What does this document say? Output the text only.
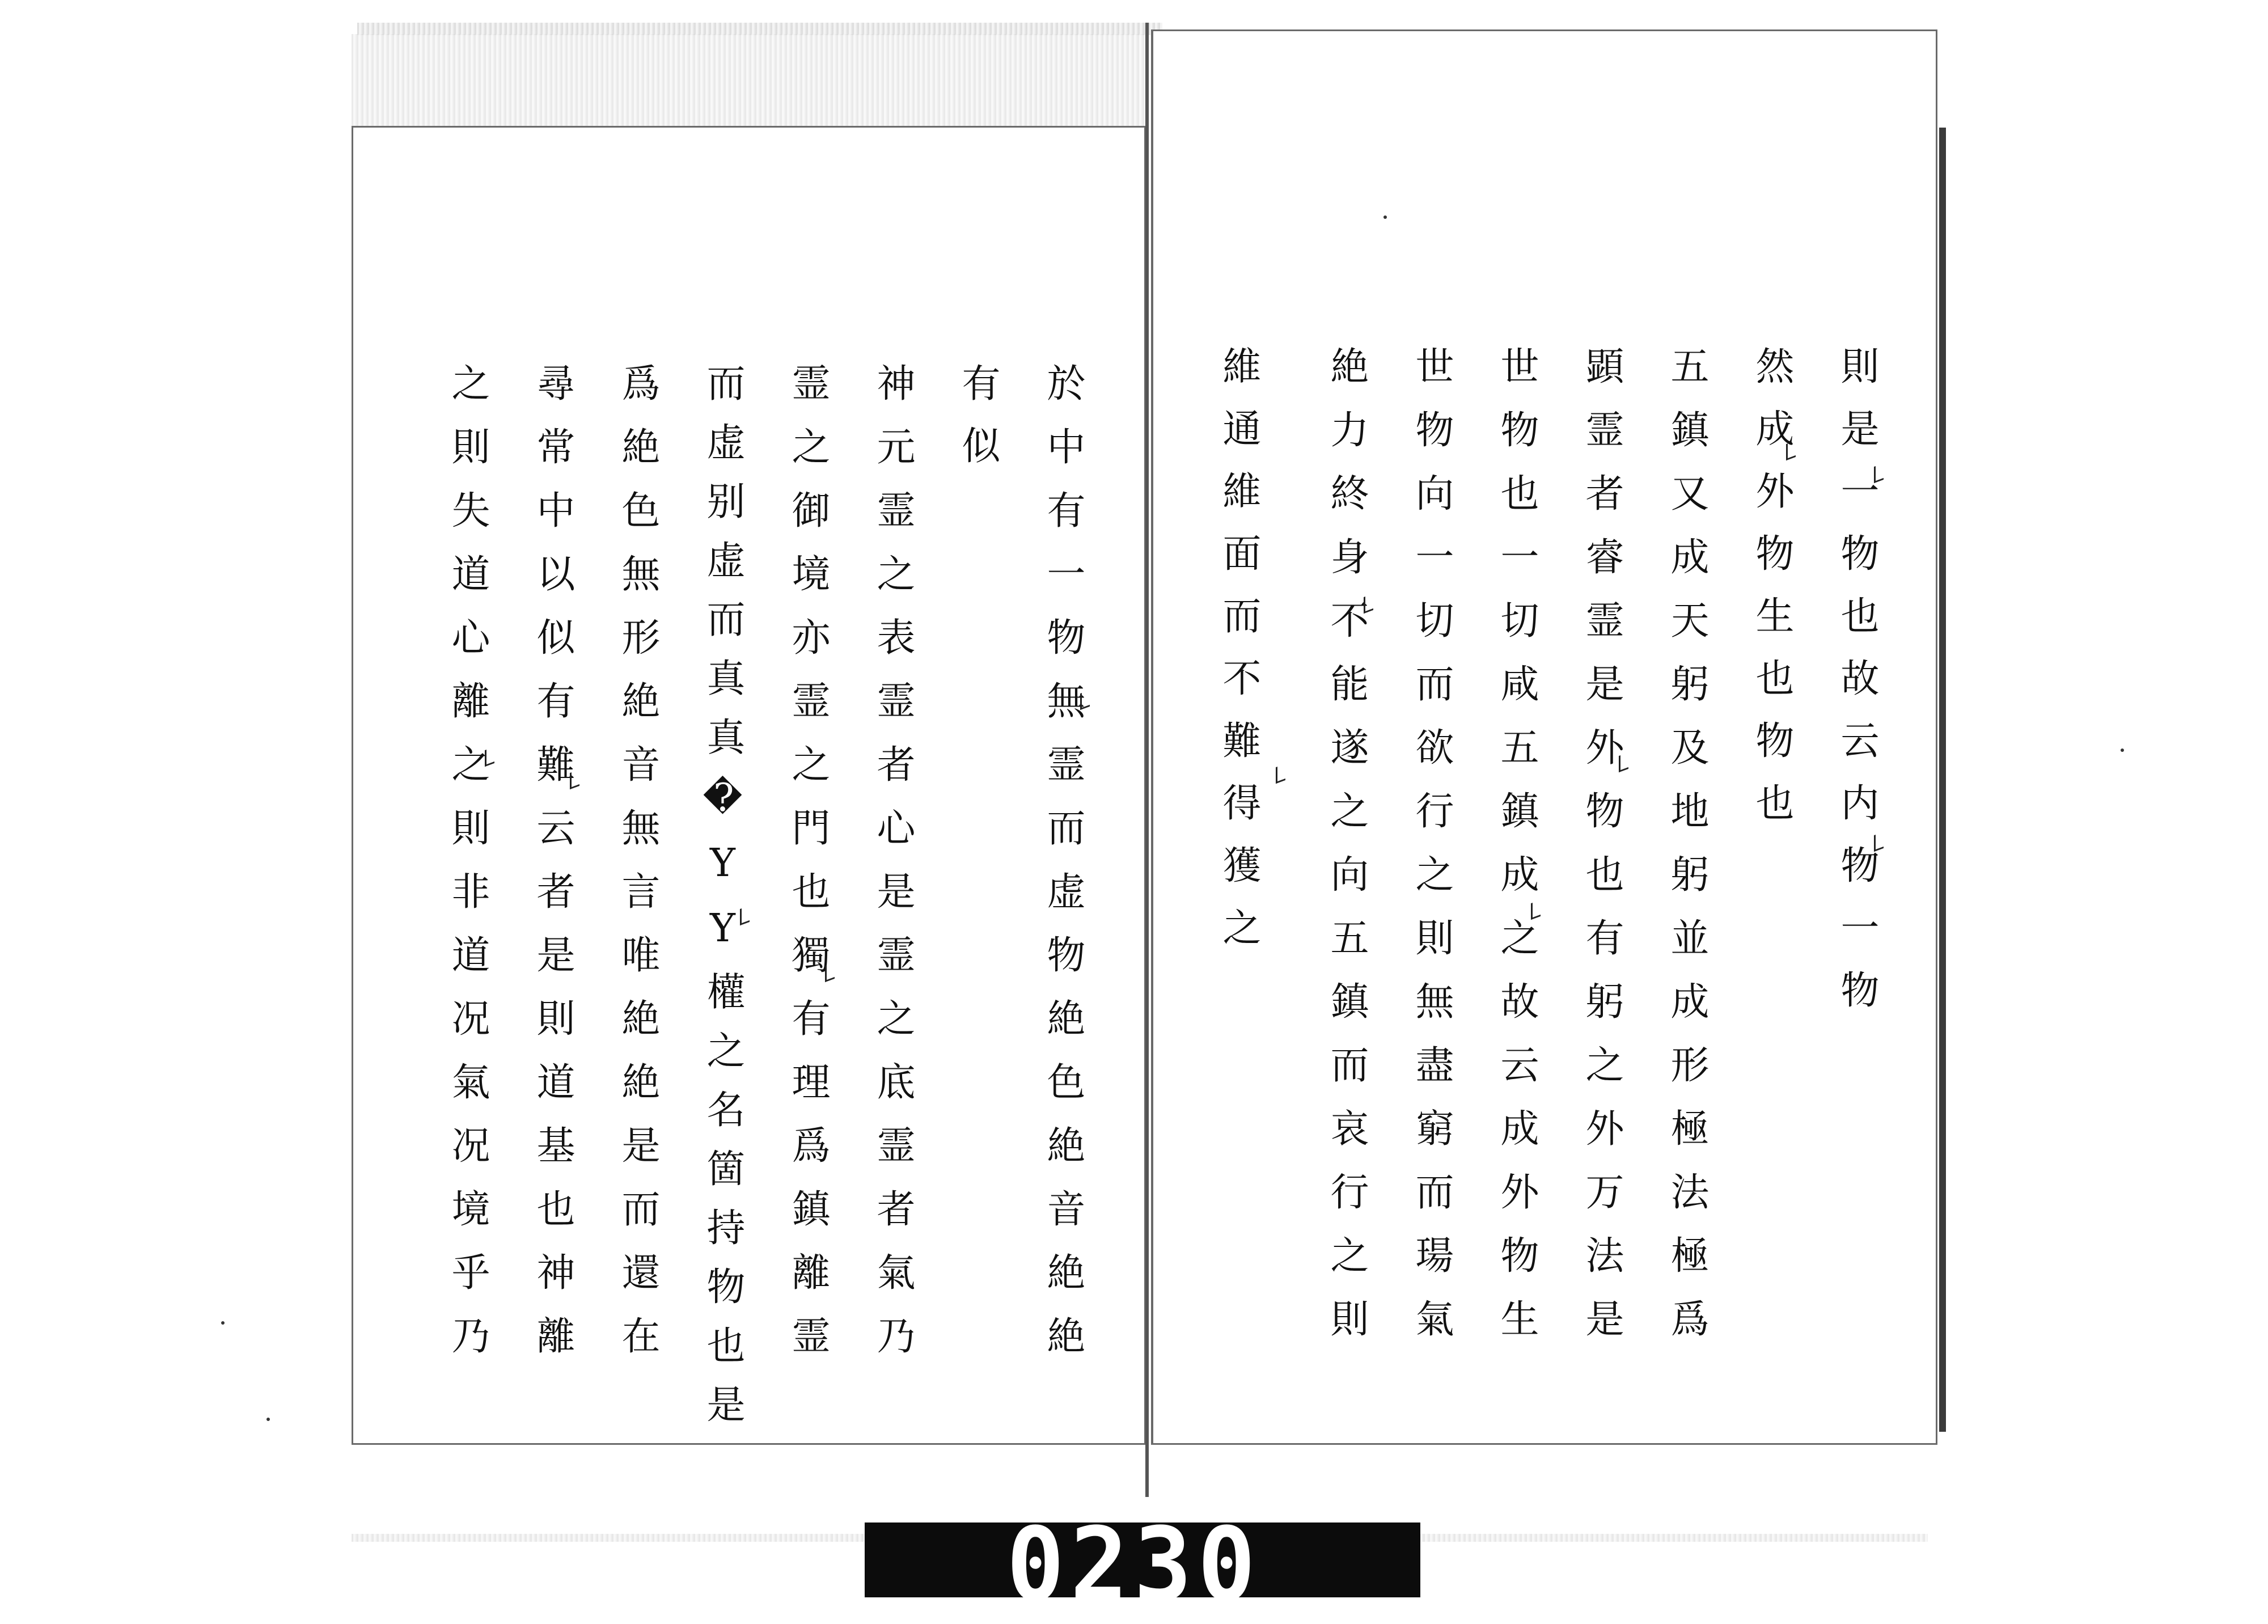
則是一物也故云内物一物
然成外物生也物也
五鎮又成天躬及地躬並成形極法極爲
顕霊者睿霊是外物也有躬之外万法是
世物也一切咸五鎮成之故云成外物生
世物向一切而欲行之則無盡窮而瑒氣
絶力終身不能遂之向五鎮而哀行之則
維通維面而不難得獲之
於中有一物無霊而虚物絶色絶音絶絶
有似
神元霊之表霊者心是霊之底霊者氣乃
霊之御境亦霊之門也獨有理爲鎮離霊
而虚别虚而真真�YY權之名箇持物也是
爲絶色無形絶音無言唯絶絶是而還在
尋常中以似有難云者是則道基也神離
之則失道心離之則非道况氣况境乎乃
0230
